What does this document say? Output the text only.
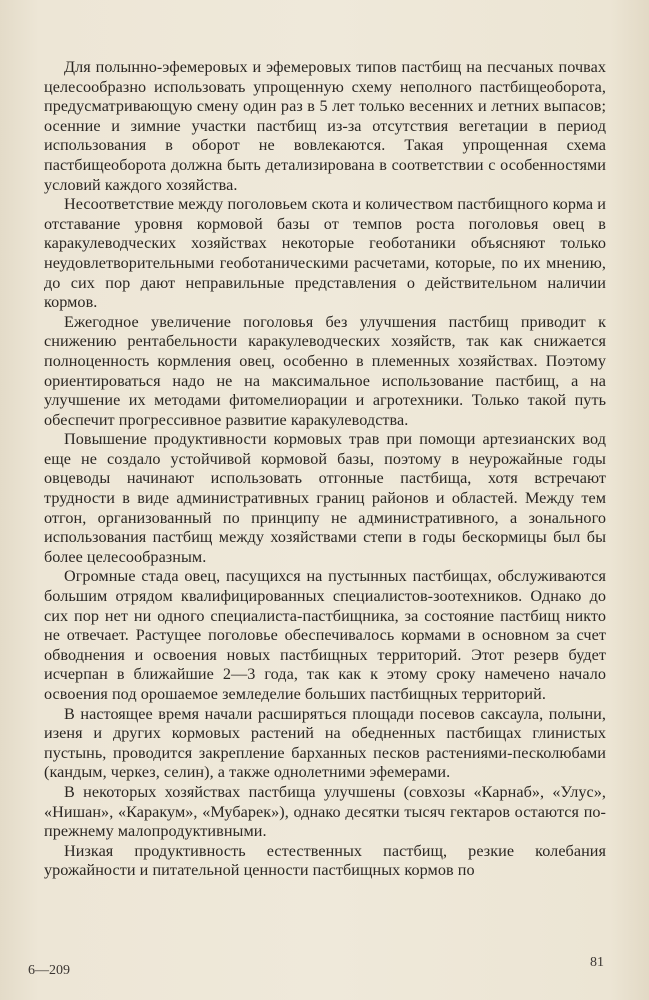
Для полынно-эфемеровых и эфемеровых типов пастбищ на песчаных почвах целесообразно использовать упрощенную схему неполного пастбищеоборота, предусматривающую смену один раз в 5 лет только весенних и летних выпасов; осенние и зимние участки пастбищ из-за отсутствия вегетации в период использования в оборот не вовлекаются. Такая упрощенная схема пастбищеоборота должна быть детализирована в соответствии с особенностями условий каждого хозяйства.

Несоответствие между поголовьем скота и количеством пастбищного корма и отставание уровня кормовой базы от темпов роста поголовья овец в каракулеводческих хозяйствах некоторые геоботаники объясняют только неудовлетворительными геоботаническими расчетами, которые, по их мнению, до сих пор дают неправильные представления о действительном наличии кормов.

Ежегодное увеличение поголовья без улучшения пастбищ приводит к снижению рентабельности каракулеводческих хозяйств, так как снижается полноценность кормления овец, особенно в племенных хозяйствах. Поэтому ориентироваться надо не на максимальное использование пастбищ, а на улучшение их методами фитомелиорации и агротехники. Только такой путь обеспечит прогрессивное развитие каракулеводства.

Повышение продуктивности кормовых трав при помощи артезианских вод еще не создало устойчивой кормовой базы, поэтому в неурожайные годы овцеводы начинают использовать отгонные пастбища, хотя встречают трудности в виде административных границ районов и областей. Между тем отгон, организованный по принципу не административного, а зонального использования пастбищ между хозяйствами степи в годы бескормицы был бы более целесообразным.

Огромные стада овец, пасущихся на пустынных пастбищах, обслуживаются большим отрядом квалифицированных специалистов-зоотехников. Однако до сих пор нет ни одного специалиста-пастбищника, за состояние пастбищ никто не отвечает. Растущее поголовье обеспечивалось кормами в основном за счет обводнения и освоения новых пастбищных территорий. Этот резерв будет исчерпан в ближайшие 2—3 года, так как к этому сроку намечено начало освоения под орошаемое земледелие больших пастбищных территорий.

В настоящее время начали расширяться площади посевов саксаула, полыни, изеня и других кормовых растений на обедненных пастбищах глинистых пустынь, проводится закрепление барханных песков растениями-песколюбами (кандым, черкез, селин), а также однолетними эфемерами.

В некоторых хозяйствах пастбища улучшены (совхозы «Карнаб», «Улус», «Нишан», «Каракум», «Мубарек»), однако десятки тысяч гектаров остаются по-прежнему малопродуктивными.

Низкая продуктивность естественных пастбищ, резкие колебания урожайности и питательной ценности пастбищных кормов по

6—209
81
